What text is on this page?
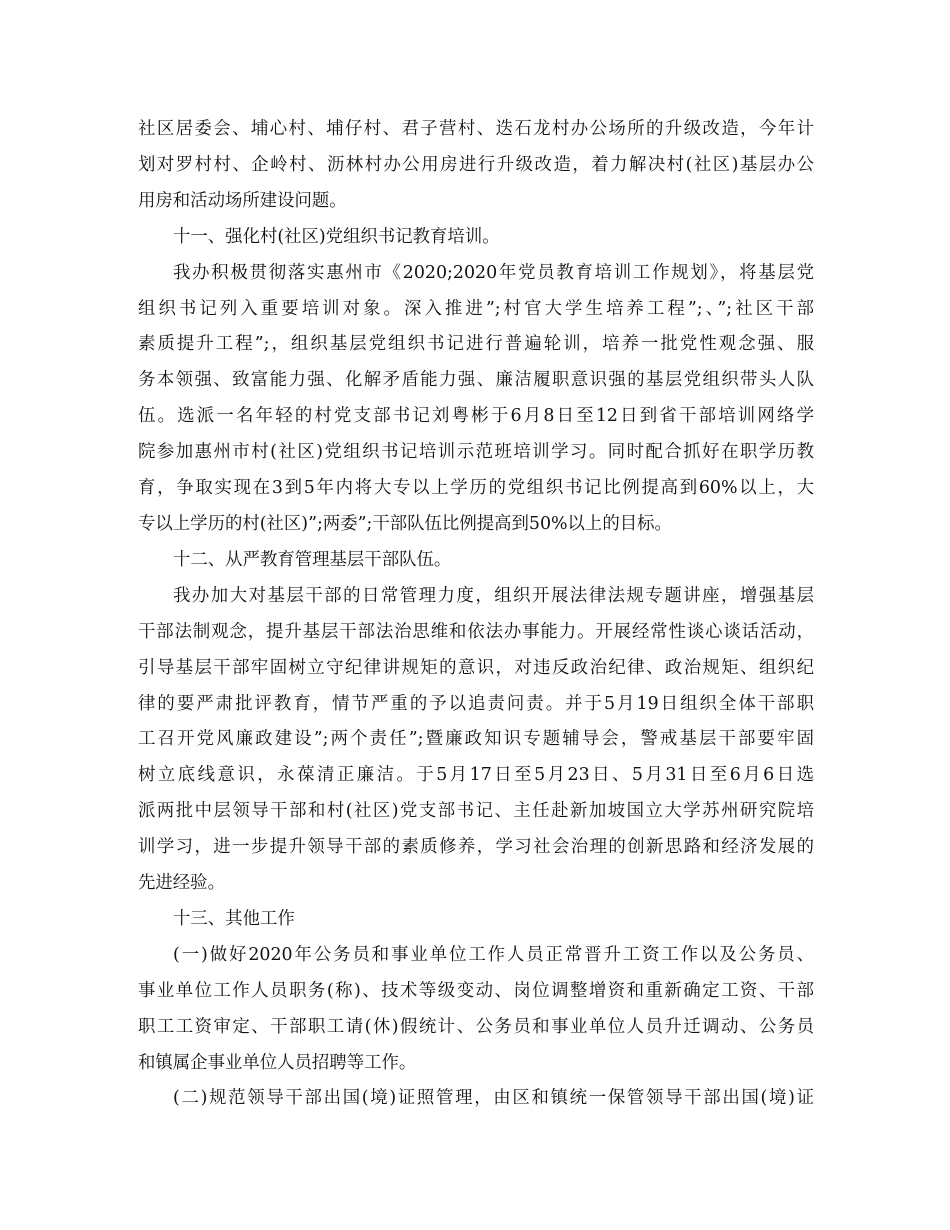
社区居委会、埔心村、埔仔村、君子营村、迭石龙村办公场所的升级改造，今年计
划对罗村村、企岭村、沥林村办公用房进行升级改造，着力解决村(社区)基层办公
用房和活动场所建设问题。
十一、强化村(社区)党组织书记教育培训。
我办积极贯彻落实惠州市《2020;2020年党员教育培训工作规划》，将基层党
组织书记列入重要培训对象。深入推进”;村官大学生培养工程”;、”;社区干部
素质提升工程”;，组织基层党组织书记进行普遍轮训，培养一批党性观念强、服
务本领强、致富能力强、化解矛盾能力强、廉洁履职意识强的基层党组织带头人队
伍。选派一名年轻的村党支部书记刘粤彬于6月8日至12日到省干部培训网络学
院参加惠州市村(社区)党组织书记培训示范班培训学习。同时配合抓好在职学历教
育，争取实现在3到5年内将大专以上学历的党组织书记比例提高到60%以上，大
专以上学历的村(社区)”;两委”;干部队伍比例提高到50%以上的目标。
十二、从严教育管理基层干部队伍。
我办加大对基层干部的日常管理力度，组织开展法律法规专题讲座，增强基层
干部法制观念，提升基层干部法治思维和依法办事能力。开展经常性谈心谈话活动，
引导基层干部牢固树立守纪律讲规矩的意识，对违反政治纪律、政治规矩、组织纪
律的要严肃批评教育，情节严重的予以追责问责。并于5月19日组织全体干部职
工召开党风廉政建设”;两个责任”;暨廉政知识专题辅导会，警戒基层干部要牢固
树立底线意识，永葆清正廉洁。于5月17日至5月23日、5月31日至6月6日选
派两批中层领导干部和村(社区)党支部书记、主任赴新加坡国立大学苏州研究院培
训学习，进一步提升领导干部的素质修养，学习社会治理的创新思路和经济发展的
先进经验。
十三、其他工作
(一)做好2020年公务员和事业单位工作人员正常晋升工资工作以及公务员、
事业单位工作人员职务(称)、技术等级变动、岗位调整增资和重新确定工资、干部
职工工资审定、干部职工请(休)假统计、公务员和事业单位人员升迁调动、公务员
和镇属企事业单位人员招聘等工作。
(二)规范领导干部出国(境)证照管理，由区和镇统一保管领导干部出国(境)证
